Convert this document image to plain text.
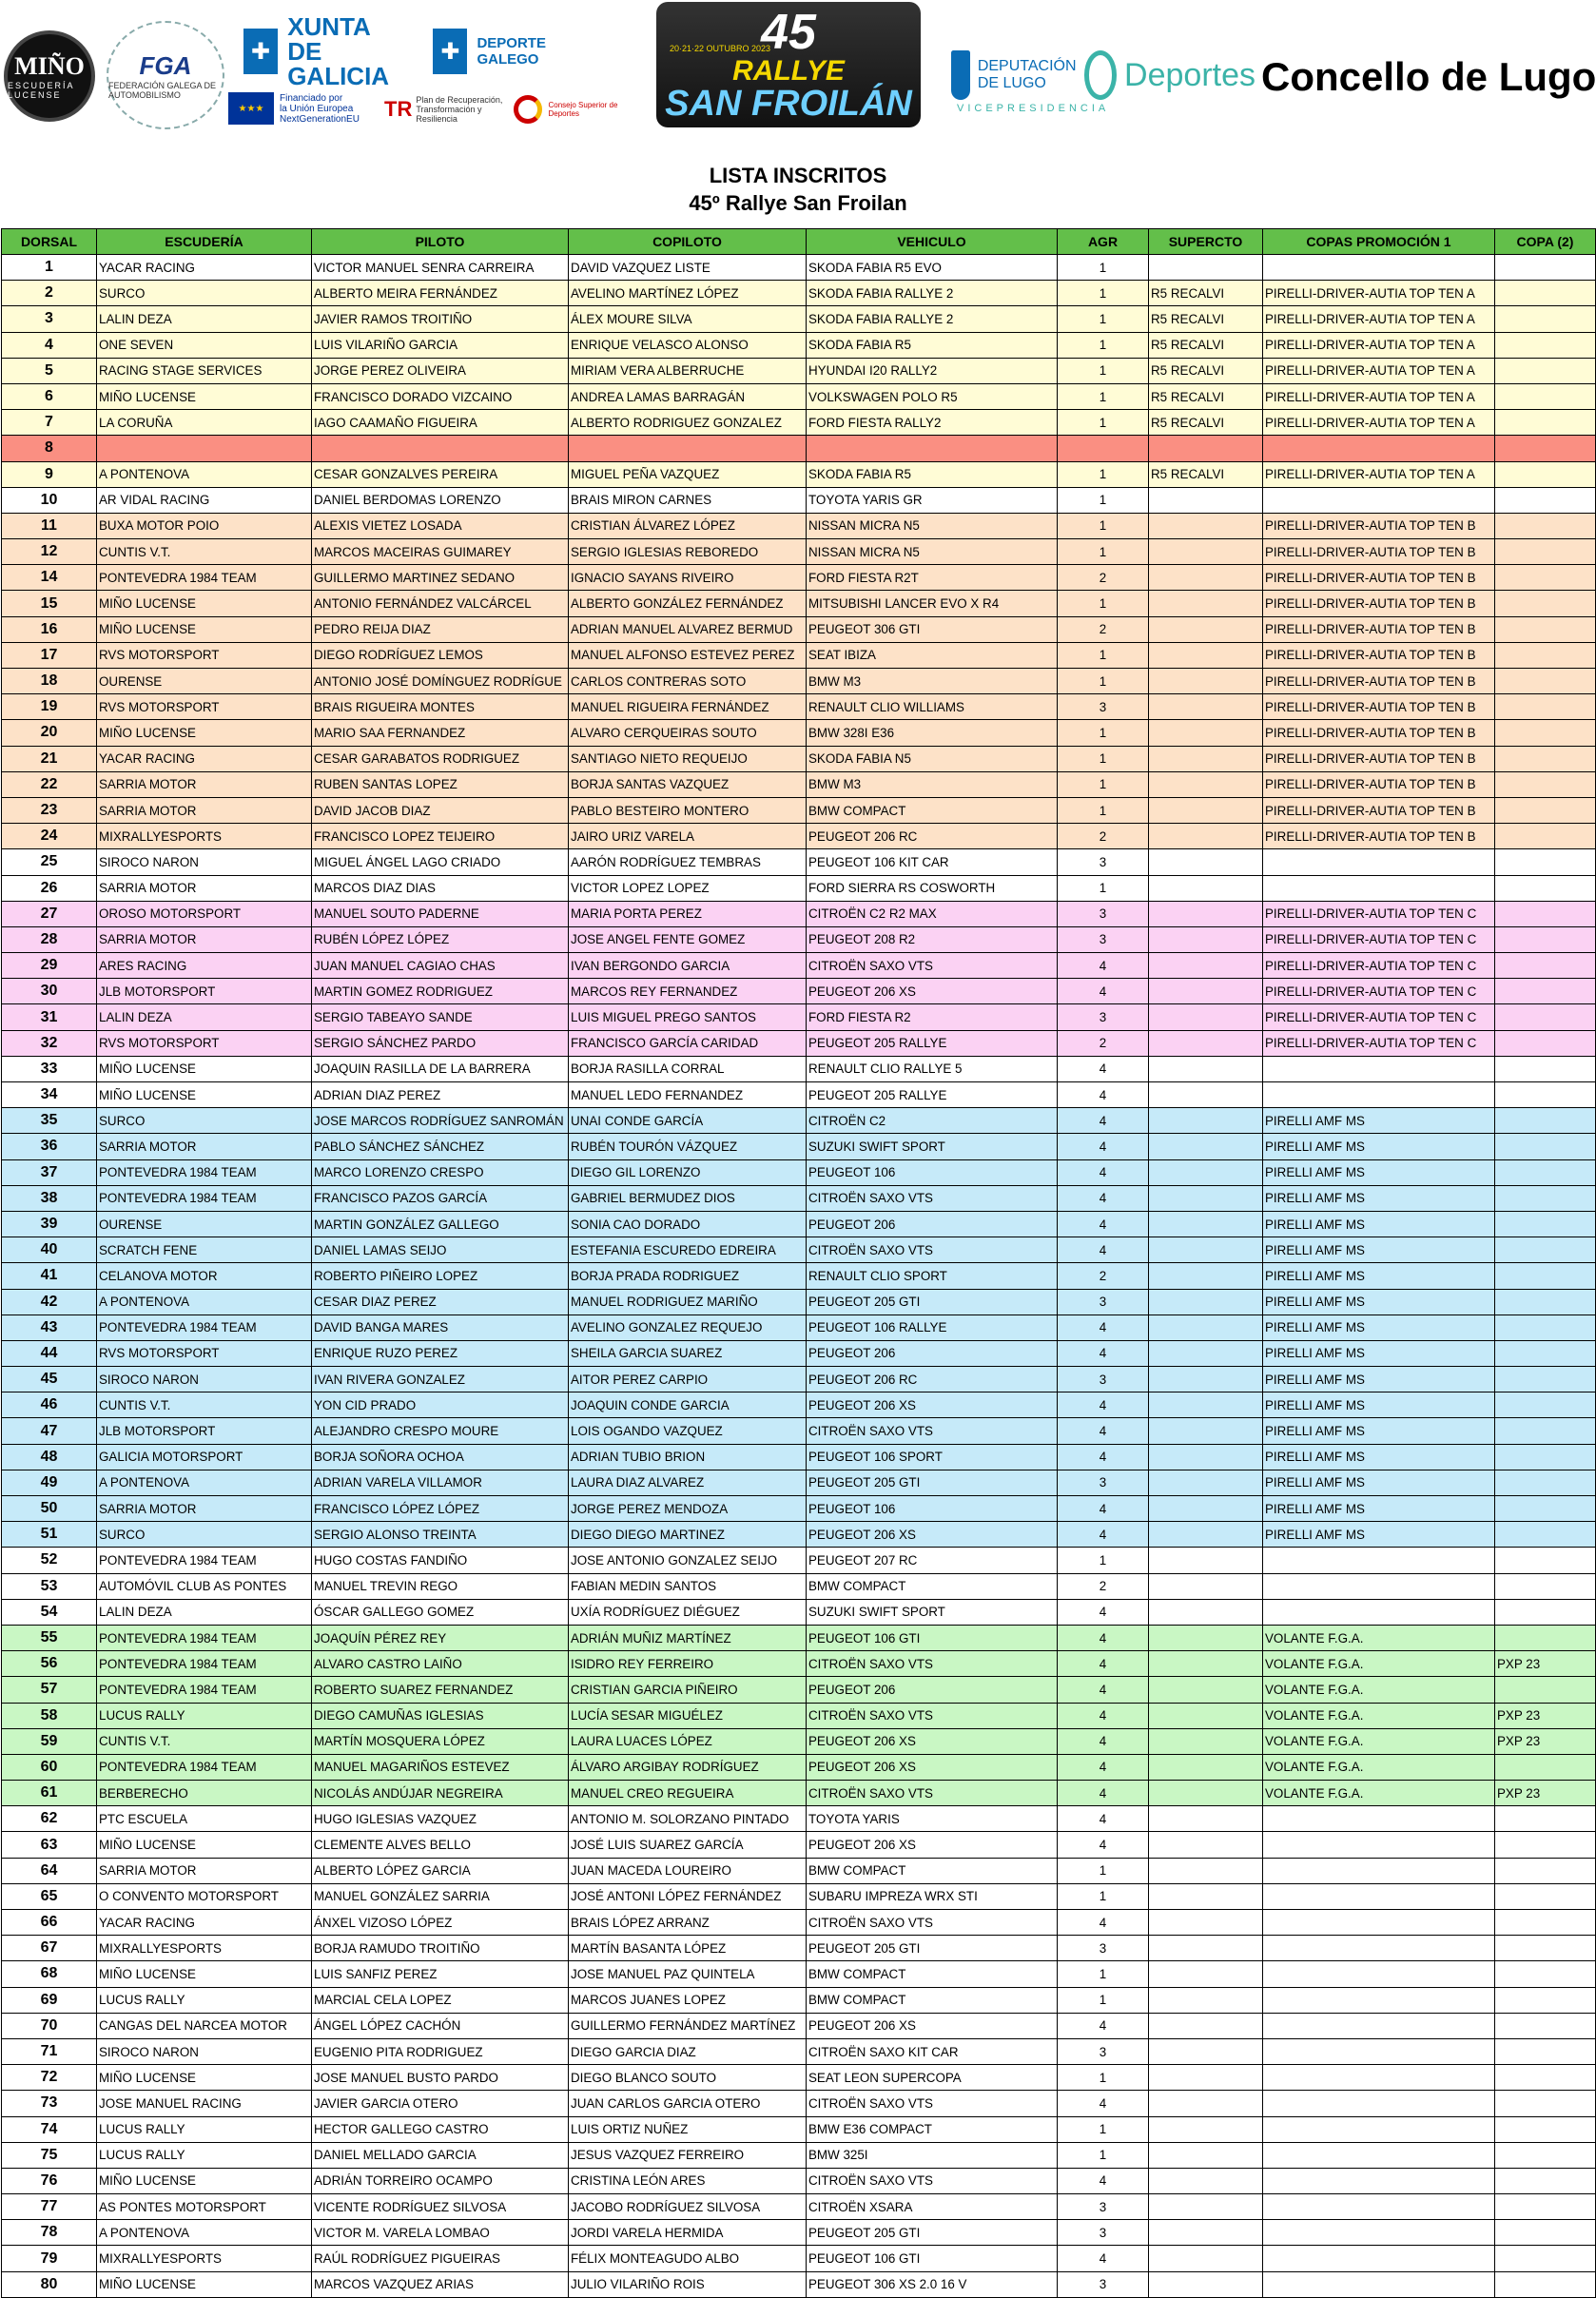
MIÑO
ESCUDERÍA LUCENSE
FGA
FEDERACIÓN GALEGA DE AUTOMOBILISMO
✚
XUNTA
DE GALICIA
✚	DEPORTE
GALEGO
★★★
Financiado por
la Unión Europea
NextGenerationEU TR Plan de Recuperación, Transformación y Resiliencia
Consejo Superior de Deportes
20·21·22 OUTUBRO 2023
45
RALLYE
SAN FROILÁN
DEPUTACIÓN
DE LUGO	Deportes
VICEPRESIDENCIA
Concello de Lugo
LISTA INSCRITOS
45º Rallye San Froilan
DORSAL	ESCUDERÍA	PILOTO	COPILOTO	VEHICULO	AGR	SUPERCTO	COPAS PROMOCIÓN 1	COPA (2)
1	YACAR RACING	VICTOR MANUEL SENRA CARREIRA	DAVID VAZQUEZ LISTE	SKODA FABIA R5 EVO	1			
2	SURCO	ALBERTO MEIRA FERNÁNDEZ	AVELINO MARTÍNEZ LÓPEZ	SKODA FABIA RALLYE 2	1	R5 RECALVI	PIRELLI-DRIVER-AUTIA TOP TEN A	
3	LALIN DEZA	JAVIER RAMOS TROITIÑO	ÁLEX MOURE SILVA	SKODA FABIA RALLYE 2	1	R5 RECALVI	PIRELLI-DRIVER-AUTIA TOP TEN A	
4	ONE SEVEN	LUIS VILARIÑO GARCIA	ENRIQUE VELASCO ALONSO	SKODA FABIA R5	1	R5 RECALVI	PIRELLI-DRIVER-AUTIA TOP TEN A	
5	RACING STAGE SERVICES	JORGE PEREZ OLIVEIRA	MIRIAM VERA ALBERRUCHE	HYUNDAI I20 RALLY2	1	R5 RECALVI	PIRELLI-DRIVER-AUTIA TOP TEN A	
6	MIÑO LUCENSE	FRANCISCO DORADO VIZCAINO	ANDREA LAMAS BARRAGÁN	VOLKSWAGEN POLO R5	1	R5 RECALVI	PIRELLI-DRIVER-AUTIA TOP TEN A	
7	LA CORUÑA	IAGO CAAMAÑO FIGUEIRA	ALBERTO RODRIGUEZ GONZALEZ	FORD FIESTA RALLY2	1	R5 RECALVI	PIRELLI-DRIVER-AUTIA TOP TEN A	
8								
9	A PONTENOVA	CESAR GONZALVES PEREIRA	MIGUEL PEÑA VAZQUEZ	SKODA FABIA R5	1	R5 RECALVI	PIRELLI-DRIVER-AUTIA TOP TEN A	
10	AR VIDAL RACING	DANIEL BERDOMAS LORENZO	BRAIS MIRON CARNES	TOYOTA YARIS GR	1			
11	BUXA MOTOR POIO	ALEXIS VIETEZ LOSADA	CRISTIAN ÁLVAREZ LÓPEZ	NISSAN MICRA N5	1		PIRELLI-DRIVER-AUTIA TOP TEN B	
12	CUNTIS V.T.	MARCOS MACEIRAS GUIMAREY	SERGIO IGLESIAS REBOREDO	NISSAN MICRA N5	1		PIRELLI-DRIVER-AUTIA TOP TEN B	
14	PONTEVEDRA 1984 TEAM	GUILLERMO MARTINEZ SEDANO	IGNACIO SAYANS RIVEIRO	FORD FIESTA R2T	2		PIRELLI-DRIVER-AUTIA TOP TEN B	
15	MIÑO LUCENSE	ANTONIO FERNÁNDEZ VALCÁRCEL	ALBERTO GONZÁLEZ FERNÁNDEZ	MITSUBISHI LANCER EVO X R4	1		PIRELLI-DRIVER-AUTIA TOP TEN B	
16	MIÑO LUCENSE	PEDRO REIJA DIAZ	ADRIAN MANUEL ALVAREZ BERMUD	PEUGEOT 306 GTI	2		PIRELLI-DRIVER-AUTIA TOP TEN B	
17	RVS MOTORSPORT	DIEGO RODRÍGUEZ LEMOS	MANUEL ALFONSO ESTEVEZ PEREZ	SEAT IBIZA	1		PIRELLI-DRIVER-AUTIA TOP TEN B	
18	OURENSE	ANTONIO JOSÉ DOMÍNGUEZ RODRÍGUE	CARLOS CONTRERAS SOTO	BMW M3	1		PIRELLI-DRIVER-AUTIA TOP TEN B	
19	RVS MOTORSPORT	BRAIS RIGUEIRA MONTES	MANUEL RIGUEIRA FERNÁNDEZ	RENAULT CLIO WILLIAMS	3		PIRELLI-DRIVER-AUTIA TOP TEN B	
20	MIÑO LUCENSE	MARIO SAA FERNANDEZ	ALVARO CERQUEIRAS SOUTO	BMW 328I E36	1		PIRELLI-DRIVER-AUTIA TOP TEN B	
21	YACAR RACING	CESAR GARABATOS RODRIGUEZ	SANTIAGO NIETO REQUEIJO	SKODA FABIA N5	1		PIRELLI-DRIVER-AUTIA TOP TEN B	
22	SARRIA MOTOR	RUBEN SANTAS LOPEZ	BORJA SANTAS VAZQUEZ	BMW M3	1		PIRELLI-DRIVER-AUTIA TOP TEN B	
23	SARRIA MOTOR	DAVID JACOB DIAZ	PABLO BESTEIRO MONTERO	BMW COMPACT	1		PIRELLI-DRIVER-AUTIA TOP TEN B	
24	MIXRALLYESPORTS	FRANCISCO LOPEZ TEIJEIRO	JAIRO URIZ VARELA	PEUGEOT 206 RC	2		PIRELLI-DRIVER-AUTIA TOP TEN B	
25	SIROCO NARON	MIGUEL ÁNGEL LAGO CRIADO	AARÓN RODRÍGUEZ TEMBRAS	PEUGEOT 106 KIT CAR	3			
26	SARRIA MOTOR	MARCOS DIAZ DIAS	VICTOR LOPEZ LOPEZ	FORD SIERRA RS COSWORTH	1			
27	OROSO MOTORSPORT	MANUEL SOUTO PADERNE	MARIA PORTA PEREZ	CITROËN C2 R2 MAX	3		PIRELLI-DRIVER-AUTIA TOP TEN C	
28	SARRIA MOTOR	RUBÉN LÓPEZ LÓPEZ	JOSE ANGEL FENTE GOMEZ	PEUGEOT 208 R2	3		PIRELLI-DRIVER-AUTIA TOP TEN C	
29	ARES RACING	JUAN MANUEL CAGIAO CHAS	IVAN BERGONDO GARCIA	CITROËN SAXO VTS	4		PIRELLI-DRIVER-AUTIA TOP TEN C	
30	JLB MOTORSPORT	MARTIN GOMEZ RODRIGUEZ	MARCOS REY FERNANDEZ	PEUGEOT 206 XS	4		PIRELLI-DRIVER-AUTIA TOP TEN C	
31	LALIN DEZA	SERGIO TABEAYO SANDE	LUIS MIGUEL PREGO SANTOS	FORD FIESTA R2	3		PIRELLI-DRIVER-AUTIA TOP TEN C	
32	RVS MOTORSPORT	SERGIO SÁNCHEZ PARDO	FRANCISCO GARCÍA CARIDAD	PEUGEOT 205 RALLYE	2		PIRELLI-DRIVER-AUTIA TOP TEN C	
33	MIÑO LUCENSE	JOAQUIN RASILLA DE LA BARRERA	BORJA RASILLA CORRAL	RENAULT CLIO RALLYE 5	4			
34	MIÑO LUCENSE	ADRIAN DIAZ PEREZ	MANUEL LEDO FERNANDEZ	PEUGEOT 205 RALLYE	4			
35	SURCO	JOSE MARCOS RODRÍGUEZ SANROMÁN	UNAI CONDE GARCÍA	CITROËN C2	4		PIRELLI AMF MS	
36	SARRIA MOTOR	PABLO SÁNCHEZ SÁNCHEZ	RUBÉN TOURÓN VÁZQUEZ	SUZUKI SWIFT SPORT	4		PIRELLI AMF MS	
37	PONTEVEDRA 1984 TEAM	MARCO LORENZO CRESPO	DIEGO GIL LORENZO	PEUGEOT 106	4		PIRELLI AMF MS	
38	PONTEVEDRA 1984 TEAM	FRANCISCO PAZOS GARCÍA	GABRIEL BERMUDEZ DIOS	CITROËN SAXO VTS	4		PIRELLI AMF MS	
39	OURENSE	MARTIN GONZÁLEZ GALLEGO	SONIA CAO DORADO	PEUGEOT 206	4		PIRELLI AMF MS	
40	SCRATCH FENE	DANIEL LAMAS SEIJO	ESTEFANIA ESCUREDO EDREIRA	CITROËN SAXO VTS	4		PIRELLI AMF MS	
41	CELANOVA MOTOR	ROBERTO PIÑEIRO LOPEZ	BORJA PRADA RODRIGUEZ	RENAULT CLIO SPORT	2		PIRELLI AMF MS	
42	A PONTENOVA	CESAR DIAZ PEREZ	MANUEL RODRIGUEZ MARIÑO	PEUGEOT 205 GTI	3		PIRELLI AMF MS	
43	PONTEVEDRA 1984 TEAM	DAVID BANGA MARES	AVELINO GONZALEZ REQUEJO	PEUGEOT 106 RALLYE	4		PIRELLI AMF MS	
44	RVS MOTORSPORT	ENRIQUE RUZO PEREZ	SHEILA GARCIA SUAREZ	PEUGEOT 206	4		PIRELLI AMF MS	
45	SIROCO NARON	IVAN RIVERA GONZALEZ	AITOR PEREZ CARPIO	PEUGEOT 206 RC	3		PIRELLI AMF MS	
46	CUNTIS V.T.	YON CID PRADO	JOAQUIN CONDE GARCIA	PEUGEOT 206 XS	4		PIRELLI AMF MS	
47	JLB MOTORSPORT	ALEJANDRO CRESPO MOURE	LOIS OGANDO VAZQUEZ	CITROËN SAXO VTS	4		PIRELLI AMF MS	
48	GALICIA MOTORSPORT	BORJA SOÑORA OCHOA	ADRIAN TUBIO BRION	PEUGEOT 106 SPORT	4		PIRELLI AMF MS	
49	A PONTENOVA	ADRIAN VARELA VILLAMOR	LAURA DIAZ ALVAREZ	PEUGEOT 205 GTI	3		PIRELLI AMF MS	
50	SARRIA MOTOR	FRANCISCO LÓPEZ LÓPEZ	JORGE PEREZ MENDOZA	PEUGEOT 106	4		PIRELLI AMF MS	
51	SURCO	SERGIO ALONSO TREINTA	DIEGO DIEGO MARTINEZ	PEUGEOT 206 XS	4		PIRELLI AMF MS	
52	PONTEVEDRA 1984 TEAM	HUGO COSTAS FANDIÑO	JOSE ANTONIO GONZALEZ SEIJO	PEUGEOT 207 RC	1			
53	AUTOMÓVIL CLUB AS PONTES	MANUEL TREVIN REGO	FABIAN MEDIN SANTOS	BMW COMPACT	2			
54	LALIN DEZA	ÓSCAR GALLEGO GOMEZ	UXÍA RODRÍGUEZ DIÉGUEZ	SUZUKI SWIFT SPORT	4			
55	PONTEVEDRA 1984 TEAM	JOAQUÍN PÉREZ REY	ADRIÁN MUÑIZ MARTÍNEZ	PEUGEOT 106 GTI	4		VOLANTE F.G.A.	
56	PONTEVEDRA 1984 TEAM	ALVARO CASTRO LAIÑO	ISIDRO REY FERREIRO	CITROËN SAXO VTS	4		VOLANTE F.G.A.	PXP 23
57	PONTEVEDRA 1984 TEAM	ROBERTO SUAREZ FERNANDEZ	CRISTIAN GARCIA PIÑEIRO	PEUGEOT 206	4		VOLANTE F.G.A.	
58	LUCUS RALLY	DIEGO CAMUÑAS IGLESIAS	LUCÍA SESAR MIGUÉLEZ	CITROËN SAXO VTS	4		VOLANTE F.G.A.	PXP 23
59	CUNTIS V.T.	MARTÍN MOSQUERA LÓPEZ	LAURA LUACES LÓPEZ	PEUGEOT 206 XS	4		VOLANTE F.G.A.	PXP 23
60	PONTEVEDRA 1984 TEAM	MANUEL MAGARIÑOS ESTEVEZ	ÁLVARO ARGIBAY RODRÍGUEZ	PEUGEOT 206 XS	4		VOLANTE F.G.A.	
61	BERBERECHO	NICOLÁS ANDÚJAR NEGREIRA	MANUEL CREO REGUEIRA	CITROËN SAXO VTS	4		VOLANTE F.G.A.	PXP 23
62	PTC ESCUELA	HUGO IGLESIAS VAZQUEZ	ANTONIO M. SOLORZANO PINTADO	TOYOTA YARIS	4			
63	MIÑO LUCENSE	CLEMENTE ALVES BELLO	JOSÉ LUIS SUAREZ GARCÍA	PEUGEOT 206 XS	4			
64	SARRIA MOTOR	ALBERTO LÓPEZ GARCIA	JUAN MACEDA LOUREIRO	BMW COMPACT	1			
65	O CONVENTO MOTORSPORT	MANUEL GONZÁLEZ SARRIA	JOSÉ ANTONI LÓPEZ FERNÁNDEZ	SUBARU IMPREZA WRX STI	1			
66	YACAR RACING	ÁNXEL VIZOSO LÓPEZ	BRAIS LÓPEZ ARRANZ	CITROËN SAXO VTS	4			
67	MIXRALLYESPORTS	BORJA RAMUDO TROITIÑO	MARTÍN BASANTA LÓPEZ	PEUGEOT 205 GTI	3			
68	MIÑO LUCENSE	LUIS SANFIZ PEREZ	JOSE MANUEL PAZ QUINTELA	BMW COMPACT	1			
69	LUCUS RALLY	MARCIAL CELA LOPEZ	MARCOS JUANES LOPEZ	BMW COMPACT	1			
70	CANGAS DEL NARCEA MOTOR	ÁNGEL LÓPEZ CACHÓN	GUILLERMO FERNÁNDEZ MARTÍNEZ	PEUGEOT 206 XS	4			
71	SIROCO NARON	EUGENIO PITA RODRIGUEZ	DIEGO GARCIA DIAZ	CITROËN SAXO KIT CAR	3			
72	MIÑO LUCENSE	JOSE MANUEL BUSTO PARDO	DIEGO BLANCO SOUTO	SEAT LEON SUPERCOPA	1			
73	JOSE MANUEL RACING	JAVIER GARCIA OTERO	JUAN CARLOS GARCIA OTERO	CITROËN SAXO VTS	4			
74	LUCUS RALLY	HECTOR GALLEGO CASTRO	LUIS ORTIZ NUÑEZ	BMW E36 COMPACT	1			
75	LUCUS RALLY	DANIEL MELLADO GARCIA	JESUS VAZQUEZ FERREIRO	BMW 325I	1			
76	MIÑO LUCENSE	ADRIÁN TORREIRO OCAMPO	CRISTINA LEÓN ARES	CITROËN SAXO VTS	4			
77	AS PONTES MOTORSPORT	VICENTE RODRÍGUEZ SILVOSA	JACOBO RODRÍGUEZ SILVOSA	CITROËN XSARA	3			
78	A PONTENOVA	VICTOR M. VARELA LOMBAO	JORDI VARELA HERMIDA	PEUGEOT 205 GTI	3			
79	MIXRALLYESPORTS	RAÚL RODRÍGUEZ PIGUEIRAS	FÉLIX MONTEAGUDO ALBO	PEUGEOT 106 GTI	4			
80	MIÑO LUCENSE	MARCOS VAZQUEZ ARIAS	JULIO VILARIÑO ROIS	PEUGEOT 306 XS 2.0 16 V	3			
